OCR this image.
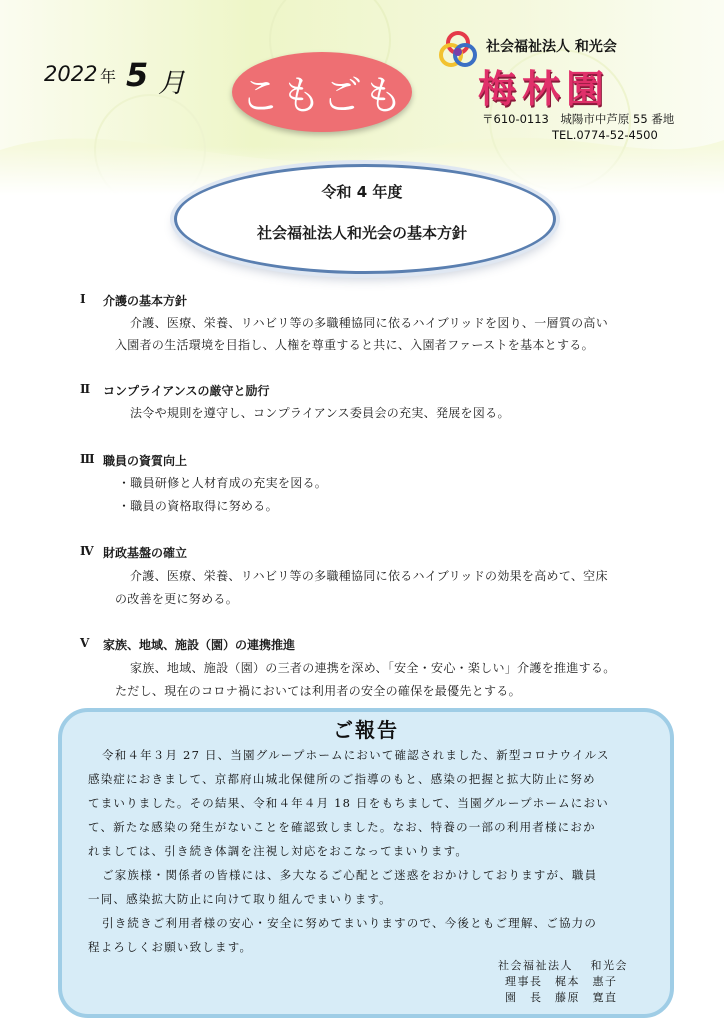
2022 年 5 月 こもごも
社会福祉法人 和光会
梅林園
〒610-0113　城陽市中芦原 55 番地
TEL.0774-52-4500
令和 4 年度
社会福祉法人和光会の基本方針
Ⅰ 介護の基本方針
介護、医療、栄養、リハビリ等の多職種協同に依るハイブリッドを図り、一層質の高い
入園者の生活環境を目指し、人権を尊重すると共に、入園者ファーストを基本とする。
Ⅱ コンプライアンスの厳守と励行
法令や規則を遵守し、コンプライアンス委員会の充実、発展を図る。
Ⅲ 職員の資質向上
・職員研修と人材育成の充実を図る。
・職員の資格取得に努める。
Ⅳ 財政基盤の確立
介護、医療、栄養、リハビリ等の多職種協同に依るハイブリッドの効果を高めて、空床
の改善を更に努める。
Ⅴ 家族、地域、施設（園）の連携推進
家族、地域、施設（園）の三者の連携を深め、「安全・安心・楽しい」介護を推進する。
ただし、現在のコロナ禍においては利用者の安全の確保を最優先とする。
ご報告
令和４年３月 27 日、当園グループホームにおいて確認されました、新型コロナウイルス
感染症におきまして、京都府山城北保健所のご指導のもと、感染の把握と拡大防止に努め
てまいりました。その結果、令和４年４月 18 日をもちまして、当園グループホームにおい
て、新たな感染の発生がないことを確認致しました。なお、特養の一部の利用者様におか
れましては、引き続き体調を注視し対応をおこなってまいります。
ご家族様・関係者の皆様には、多大なるご心配とご迷惑をおかけしておりますが、職員
一同、感染拡大防止に向けて取り組んでまいります。
引き続きご利用者様の安心・安全に努めてまいりますので、今後ともご理解、ご協力の
程よろしくお願い致します。
社会福祉法人　 和光会
理事長　梶本　惠子
園　長　藤原　寛直
